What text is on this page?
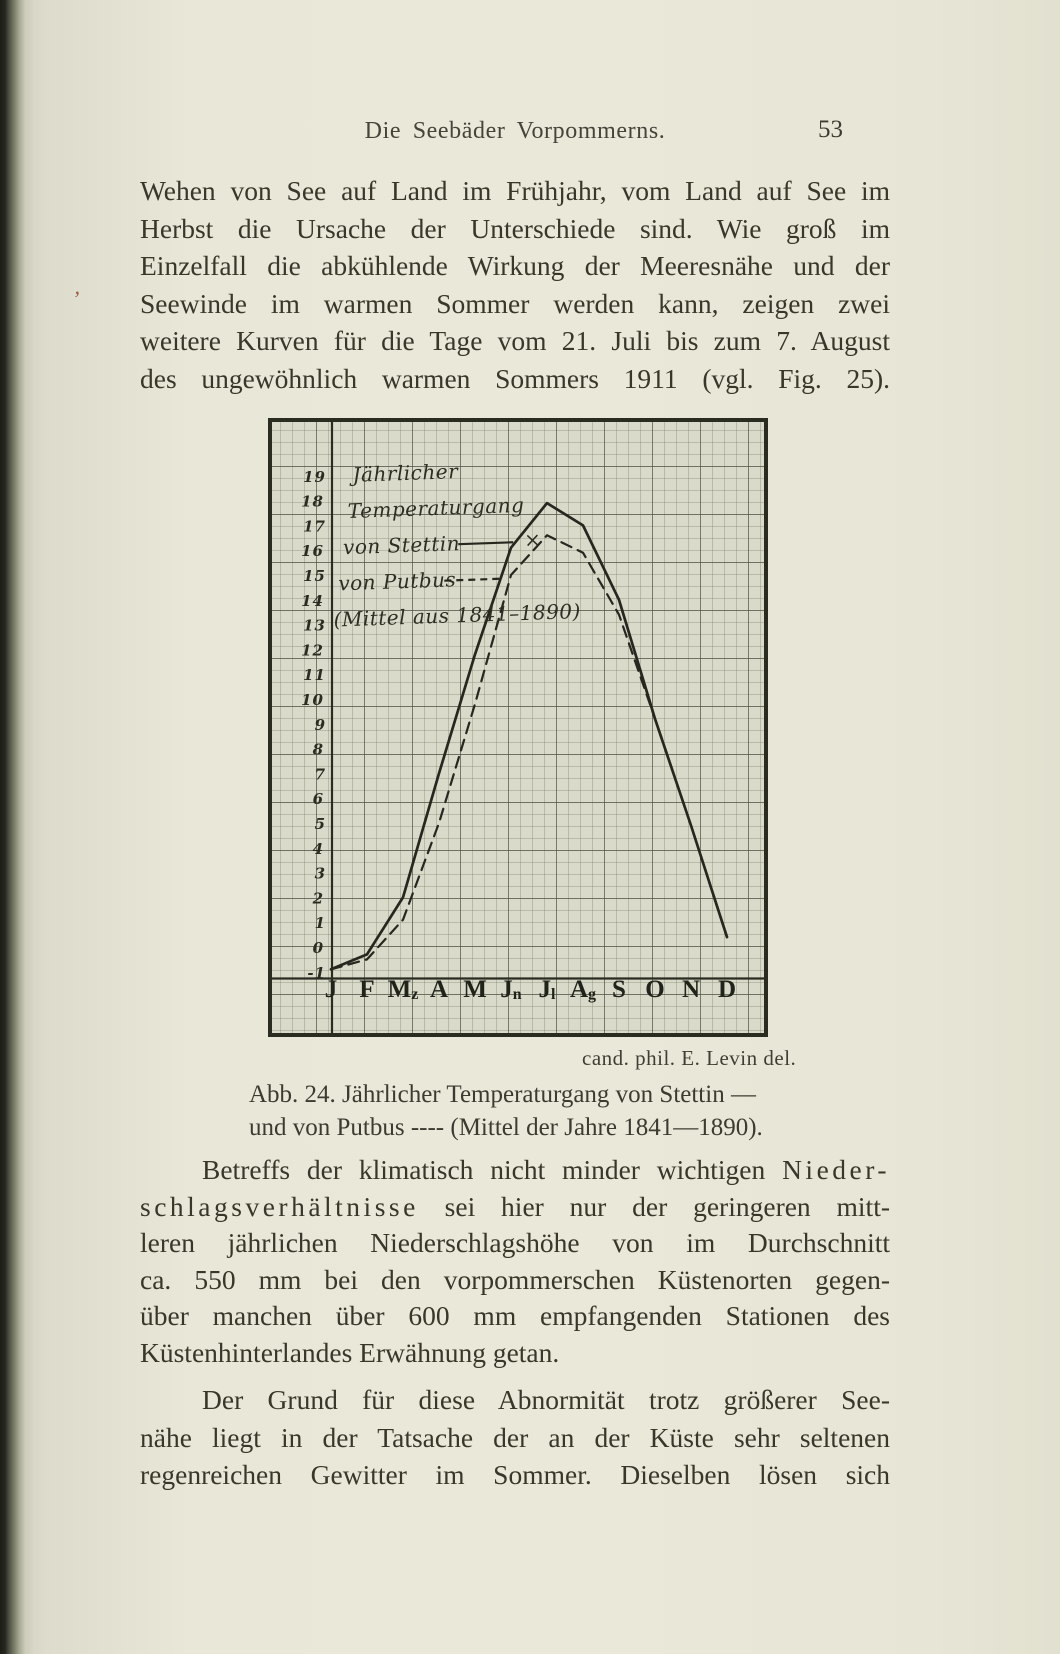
Die Seebäder Vorpommerns.	53
’
Wehen von See auf Land im Frühjahr, vom Land auf See im
Herbst die Ursache der Unterschiede sind. Wie groß im
Einzelfall die abkühlende Wirkung der Meeresnähe und der
Seewinde im warmen Sommer werden kann, zeigen zwei
weitere Kurven für die Tage vom 21. Juli bis zum 7. August
des ungewöhnlich warmen Sommers 1911 (vgl. Fig. 25).
19
18
17
16
15
14
13
12
11
10
9
8
7
6
5
4
3
2
1
0
-1
J F Mz A M Jn Jl Ag S O N D
Jährlicher
Temperaturgang
von Stettin	×
von Putbus
(Mittel aus 1841–1890)
cand. phil. E. Levin del.
Abb. 24. Jährlicher Temperaturgang von Stettin —
und von Putbus ---- (Mittel der Jahre 1841—1890).
Betreffs der klimatisch nicht minder wichtigen Nieder-
schlagsverhältnisse sei hier nur der geringeren mitt-
leren jährlichen Niederschlagshöhe von im Durchschnitt
ca. 550 mm bei den vorpommerschen Küstenorten gegen-
über manchen über 600 mm empfangenden Stationen des
Küstenhinterlandes Erwähnung getan.
Der Grund für diese Abnormität trotz größerer See-
nähe liegt in der Tatsache der an der Küste sehr seltenen
regenreichen Gewitter im Sommer. Dieselben lösen sich
